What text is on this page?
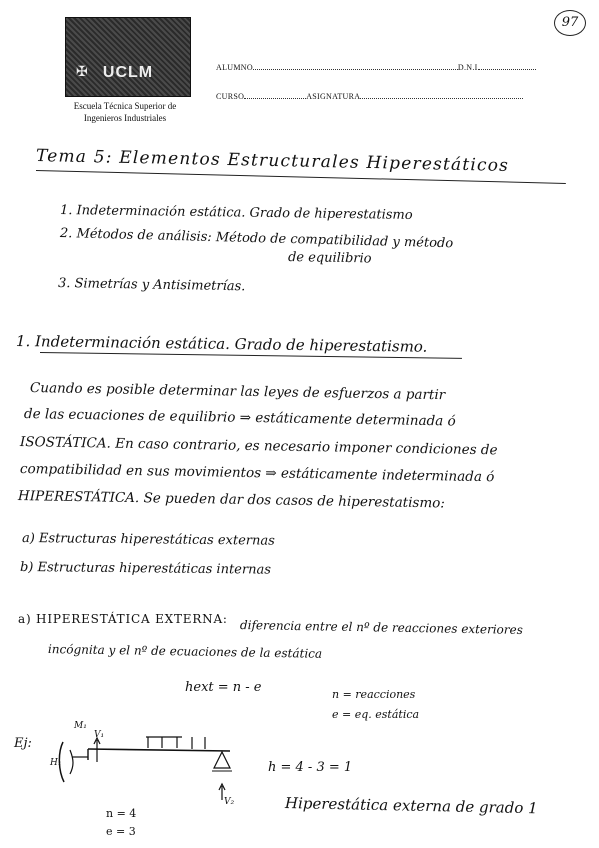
✠ UCLM
Escuela Técnica Superior de
Ingenieros Industriales
ALUMNO	D.N.I
CURSO	ASIGNATURA
97
Tema 5: Elementos Estructurales Hiperestáticos
1. Indeterminación estática. Grado de hiperestatismo
2. Métodos de análisis: Método de compatibilidad y método
de equilibrio
3. Simetrías y Antisimetrías.
1. Indeterminación estática. Grado de hiperestatismo.
Cuando es posible determinar las leyes de esfuerzos a partir
de las ecuaciones de equilibrio ⇒ estáticamente determinada ó
ISOSTÁTICA. En caso contrario, es necesario imponer condiciones de
compatibilidad en sus movimientos ⇒ estáticamente indeterminada ó
HIPERESTÁTICA. Se pueden dar dos casos de hiperestatismo:
a) Estructuras hiperestáticas externas
b) Estructuras hiperestáticas internas
a) HIPERESTÁTICA EXTERNA: diferencia entre el nº de reacciones exteriores
incógnita y el nº de ecuaciones de la estática
hext = n - e	n = reacciones
e = eq. estática
Ej:
M₁
H₁
V₁
V₂
h = 4 - 3 = 1
Hiperestática externa de grado 1
n = 4
e = 3
